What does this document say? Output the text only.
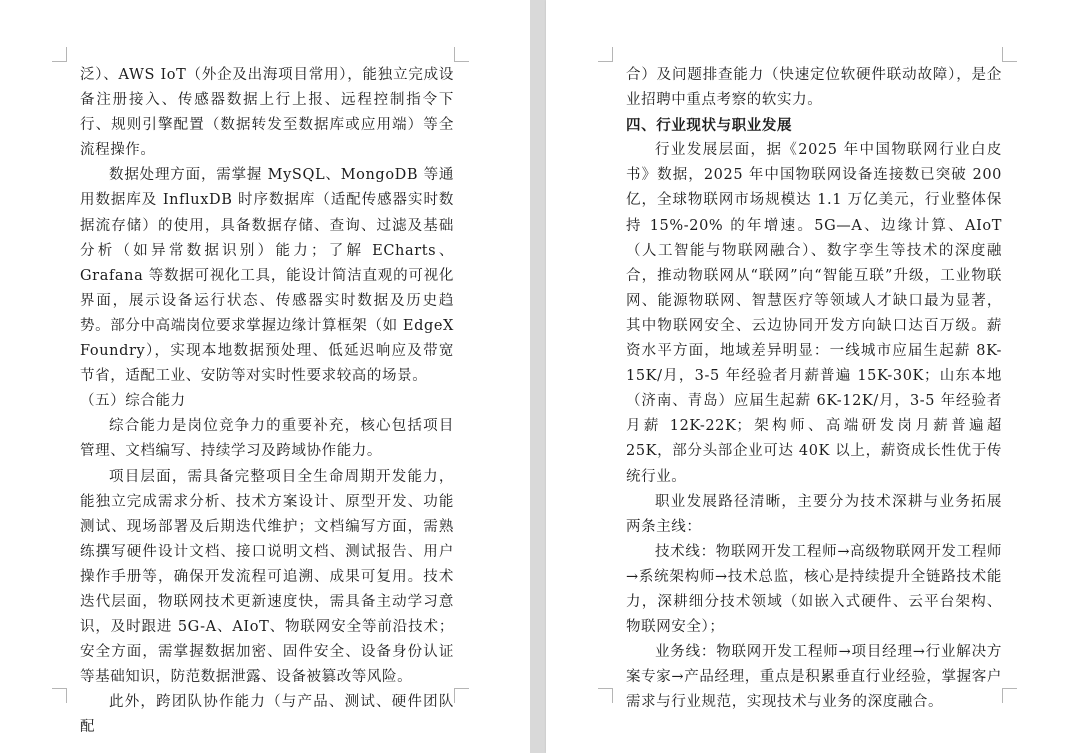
泛）、AWS IoT（外企及出海项目常用），能独立完成设备注册接入、传感器数据上行上报、远程控制指令下行、规则引擎配置（数据转发至数据库或应用端）等全流程操作。

数据处理方面，需掌握 MySQL、MongoDB 等通用数据库及 InfluxDB 时序数据库（适配传感器实时数据流存储）的使用，具备数据存储、查询、过滤及基础分析（如异常数据识别）能力；了解 ECharts、Grafana 等数据可视化工具，能设计简洁直观的可视化界面，展示设备运行状态、传感器实时数据及历史趋势。部分中高端岗位要求掌握边缘计算框架（如 EdgeX Foundry），实现本地数据预处理、低延迟响应及带宽节省，适配工业、安防等对实时性要求较高的场景。

（五）综合能力

综合能力是岗位竞争力的重要补充，核心包括项目管理、文档编写、持续学习及跨域协作能力。

项目层面，需具备完整项目全生命周期开发能力，能独立完成需求分析、技术方案设计、原型开发、功能测试、现场部署及后期迭代维护；文档编写方面，需熟练撰写硬件设计文档、接口说明文档、测试报告、用户操作手册等，确保开发流程可追溯、成果可复用。技术迭代层面，物联网技术更新速度快，需具备主动学习意识，及时跟进 5G-A、AIoT、物联网安全等前沿技术；安全方面，需掌握数据加密、固件安全、设备身份认证等基础知识，防范数据泄露、设备被篡改等风险。

此外，跨团队协作能力（与产品、测试、硬件团队配

合）及问题排查能力（快速定位软硬件联动故障），是企业招聘中重点考察的软实力。

四、行业现状与职业发展

行业发展层面，据《2025 年中国物联网行业白皮书》数据，2025 年中国物联网设备连接数已突破 200 亿，全球物联网市场规模达 1.1 万亿美元，行业整体保持 15%-20% 的年增速。5G—A、边缘计算、AIoT（人工智能与物联网融合）、数字孪生等技术的深度融合，推动物联网从“联网”向“智能互联”升级，工业物联网、能源物联网、智慧医疗等领域人才缺口最为显著，其中物联网安全、云边协同开发方向缺口达百万级。薪资水平方面，地域差异明显：一线城市应届生起薪 8K-15K/月，3-5 年经验者月薪普遍 15K-30K；山东本地（济南、青岛）应届生起薪 6K-12K/月，3-5 年经验者月薪 12K-22K；架构师、高端研发岗月薪普遍超 25K，部分头部企业可达 40K 以上，薪资成长性优于传统行业。

职业发展路径清晰，主要分为技术深耕与业务拓展两条主线：

技术线：物联网开发工程师→高级物联网开发工程师→系统架构师→技术总监，核心是持续提升全链路技术能力，深耕细分技术领域（如嵌入式硬件、云平台架构、物联网安全）；

业务线：物联网开发工程师→项目经理→行业解决方案专家→产品经理，重点是积累垂直行业经验，掌握客户需求与行业规范，实现技术与业务的深度融合。
